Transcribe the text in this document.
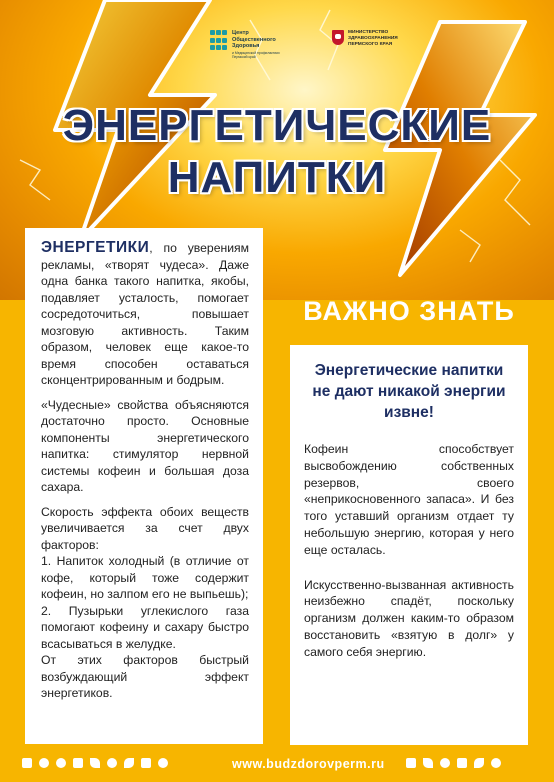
Центр
Общественного
Здоровья
и Медицинской профилактики Пермский край
МИНИСТЕРСТВО
ЗДРАВООХРАНЕНИЯ
ПЕРМСКОГО КРАЯ
ЭНЕРГЕТИЧЕСКИЕ
НАПИТКИ

ЭНЕРГЕТИКИ, по уверениям рекламы, «творят чудеса». Даже одна банка такого напитка, якобы, подавляет усталость, помогает сосредоточиться, повышает мозговую активность. Таким образом, человек еще какое-то время способен оставаться сконцентрированным и бодрым.

«Чудесные» свойства объясняются достаточно просто. Основные компоненты энергетического напитка: стимулятор нервной системы кофеин и большая доза сахара.

Скорость эффекта обоих веществ увеличивается за счет двух факторов:

1. Напиток холодный (в отличие от кофе, который тоже содержит кофеин, но залпом его не выпьешь);

2. Пузырьки углекислого газа помогают кофеину и сахару быстро всасываться в желудке.

От этих факторов быстрый возбуждающий эффект энергетиков.

ВАЖНО ЗНАТЬ
Энергетические напитки не дают никакой энергии извне!

Кофеин способствует высвобождению собственных резервов, своего «неприкосновенного запаса». И без того уставший организм отдает ту небольшую энергию, которая у него еще осталась.

Искусственно-вызванная активность неизбежно спадёт, поскольку организм должен каким-то образом восстановить «взятую в долг» у самого себя энергию.

www.budzdorovperm.ru
